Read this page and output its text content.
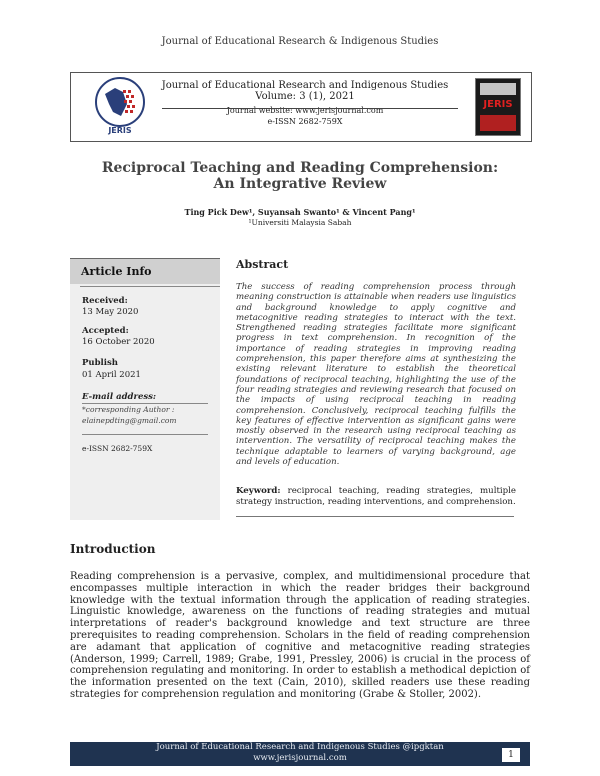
Journal of Educational Research & Indigenous Studies
JERIS
Journal of Educational Research and Indigenous Studies
Volume: 3 (1), 2021
Journal website: www.jerisjournal.com
e-ISSN 2682-759X
JERIS
Reciprocal Teaching and Reading Comprehension:
An Integrative Review
Ting Pick Dew¹, Suyansah Swanto¹ & Vincent Pang¹
¹Universiti Malaysia Sabah
Article Info
Received:
13 May 2020
Accepted:
16 October 2020
Publish
01 April 2021
E-mail address:
*corresponding Author :
elainepdting@gmail.com
e-ISSN 2682-759X
Abstract
The success of reading comprehension process through meaning construction is attainable when readers use linguistics and background knowledge to apply cognitive and metacognitive reading strategies to interact with the text. Strengthened reading strategies facilitate more significant progress in text comprehension. In recognition of the importance of reading strategies in improving reading comprehension, this paper therefore aims at synthesizing the existing relevant literature to establish the theoretical foundations of reciprocal teaching, highlighting the use of the four reading strategies and reviewing research that focused on the impacts of using reciprocal teaching in reading comprehension. Conclusively, reciprocal teaching fulfills the key features of effective intervention as significant gains were mostly observed in the research using reciprocal teaching as intervention. The versatility of reciprocal teaching makes the technique adaptable to learners of varying background, age and levels of education.
Keyword: reciprocal teaching, reading strategies, multiple strategy instruction, reading interventions, and comprehension.
Introduction
Reading comprehension is a pervasive, complex, and multidimensional procedure that encompasses multiple interaction in which the reader bridges their background knowledge with the textual information through the application of reading strategies. Linguistic knowledge, awareness on the functions of reading strategies and mutual interpretations of reader's background knowledge and text structure are three prerequisites to reading comprehension. Scholars in the field of reading comprehension are adamant that application of cognitive and metacognitive reading strategies (Anderson, 1999; Carrell, 1989; Grabe, 1991, Pressley, 2006) is crucial in the process of comprehension regulating and monitoring. In order to establish a methodical depiction of the information presented on the text (Cain, 2010), skilled readers use these reading strategies for comprehension regulation and monitoring (Grabe & Stoller, 2002).
Journal of Educational Research and Indigenous Studies @ipgktan
www.jerisjournal.com	1
